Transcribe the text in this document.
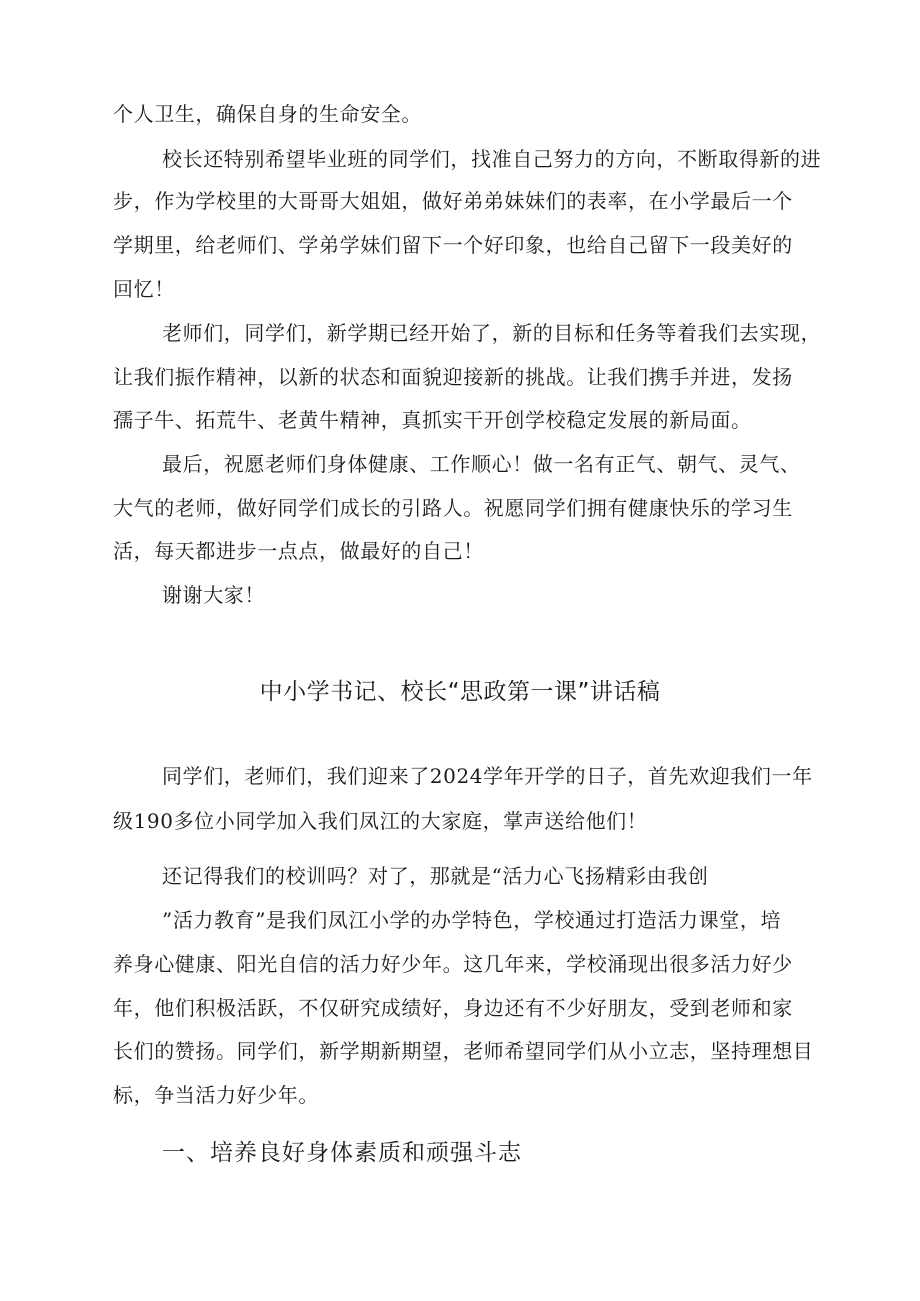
个人卫生，确保自身的生命安全。
校长还特别希望毕业班的同学们，找准自己努力的方向，不断取得新的进
步，作为学校里的大哥哥大姐姐，做好弟弟妹妹们的表率，在小学最后一个
学期里，给老师们、学弟学妹们留下一个好印象，也给自己留下一段美好的
回忆！
老师们，同学们，新学期已经开始了，新的目标和任务等着我们去实现，
让我们振作精神，以新的状态和面貌迎接新的挑战。让我们携手并进，发扬
孺子牛、拓荒牛、老黄牛精神，真抓实干开创学校稳定发展的新局面。
最后，祝愿老师们身体健康、工作顺心！做一名有正气、朝气、灵气、
大气的老师，做好同学们成长的引路人。祝愿同学们拥有健康快乐的学习生
活，每天都进步一点点，做最好的自己！
谢谢大家！
中小学书记、校长“思政第一课”讲话稿
同学们，老师们，我们迎来了2024学年开学的日子，首先欢迎我们一年
级190多位小同学加入我们凤江的大家庭，掌声送给他们！
还记得我们的校训吗？对了，那就是“活力心飞扬精彩由我创
”活力教育”是我们凤江小学的办学特色，学校通过打造活力课堂，培
养身心健康、阳光自信的活力好少年。这几年来，学校涌现出很多活力好少
年，他们积极活跃，不仅研究成绩好，身边还有不少好朋友，受到老师和家
长们的赞扬。同学们，新学期新期望，老师希望同学们从小立志，坚持理想目
标，争当活力好少年。
一、培养良好身体素质和顽强斗志
